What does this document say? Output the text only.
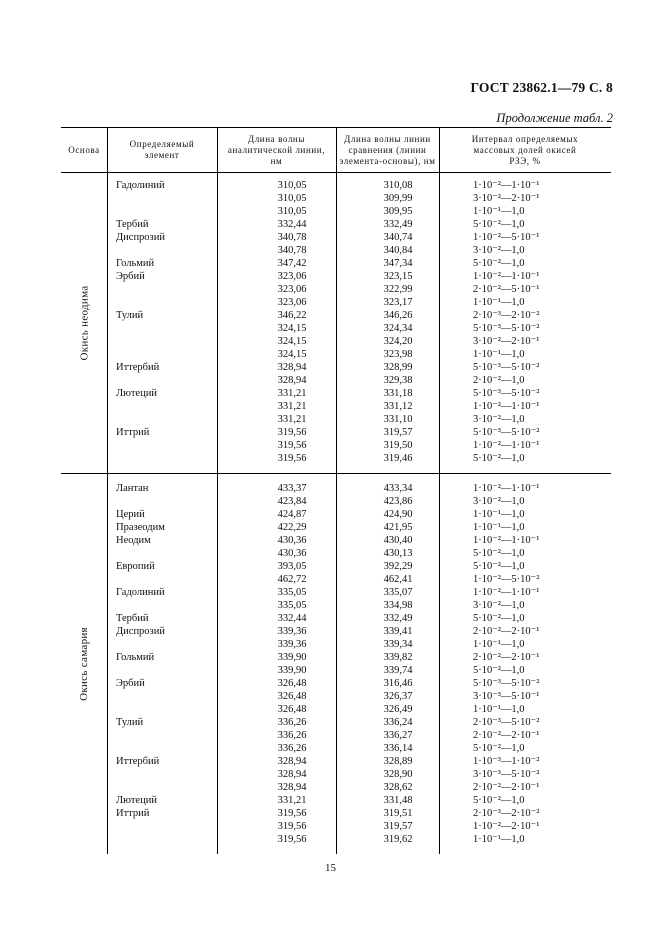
ГОСТ 23862.1—79 С. 8
Продолжение табл. 2
Основа
Определяемый
элемент
Длина волны
аналитической линии,
нм
Длина волны линии
сравнения (линии
элемента-основы), нм
Интервал определяемых
массовых долей окисей
РЗЭ, %
Окись неодима
Гадолиний	310,05	310,08	1·10⁻²—1·10⁻¹
310,05	309,99	3·10⁻²—2·10⁻¹
310,05	309,95	1·10⁻¹—1,0
Тербий	332,44	332,49	5·10⁻²—1,0
Диспрозий	340,78	340,74	1·10⁻²—5·10⁻¹
340,78	340,84	3·10⁻²—1,0
Гольмий	347,42	347,34	5·10⁻²—1,0
Эрбий	323,06	323,15	1·10⁻²—1·10⁻¹
323,06	322,99	2·10⁻²—5·10⁻¹
323,06	323,17	1·10⁻¹—1,0
Тулий	346,22	346,26	2·10⁻³—2·10⁻²
324,15	324,34	5·10⁻³—5·10⁻²
324,15	324,20	3·10⁻²—2·10⁻¹
324,15	323,98	1·10⁻¹—1,0
Иттербий	328,94	328,99	5·10⁻³—5·10⁻²
328,94	329,38	2·10⁻²—1,0
Лютеций	331,21	331,18	5·10⁻³—5·10⁻²
331,21	331,12	1·10⁻²—1·10⁻¹
331,21	331,10	3·10⁻²—1,0
Иттрий	319,56	319,57	5·10⁻³—5·10⁻²
319,56	319,50	1·10⁻²—1·10⁻¹
319,56	319,46	5·10⁻²—1,0
Окись самария
Лантан	433,37	433,34	1·10⁻²—1·10⁻¹
423,84	423,86	3·10⁻²—1,0
Церий	424,87	424,90	1·10⁻¹—1,0
Празеодим	422,29	421,95	1·10⁻¹—1,0
Неодим	430,36	430,40	1·10⁻²—1·10⁻¹
430,36	430,13	5·10⁻²—1,0
Европий	393,05	392,29	5·10⁻²—1,0
462,72	462,41	1·10⁻²—5·10⁻²
Гадолиний	335,05	335,07	1·10⁻²—1·10⁻¹
335,05	334,98	3·10⁻²—1,0
Тербий	332,44	332,49	5·10⁻²—1,0
Диспрозий	339,36	339,41	2·10⁻²—2·10⁻¹
339,36	339,34	1·10⁻¹—1,0
Гольмий	339,90	339,82	2·10⁻²—2·10⁻¹
339,90	339,74	5·10⁻²—1,0
Эрбий	326,48	316,46	5·10⁻³—5·10⁻²
326,48	326,37	3·10⁻³—5·10⁻¹
326,48	326,49	1·10⁻¹—1,0
Тулий	336,26	336,24	2·10⁻³—5·10⁻²
336,26	336,27	2·10⁻²—2·10⁻¹
336,26	336,14	5·10⁻²—1,0
Иттербий	328,94	328,89	1·10⁻³—1·10⁻²
328,94	328,90	3·10⁻³—5·10⁻²
328,94	328,62	2·10⁻²—2·10⁻¹
Лютеций	331,21	331,48	5·10⁻²—1,0
Иттрий	319,56	319,51	2·10⁻³—2·10⁻²
319,56	319,57	1·10⁻²—2·10⁻¹
319,56	319,62	1·10⁻¹—1,0
15
